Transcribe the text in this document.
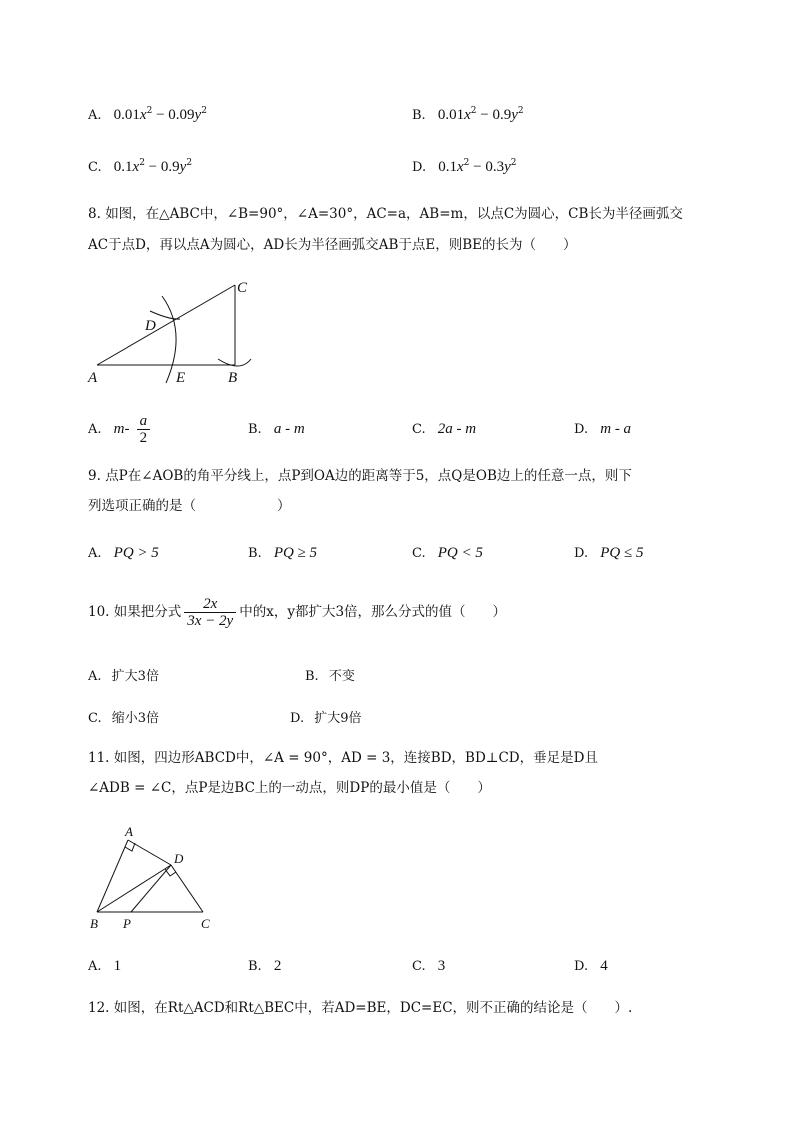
A. $0.01x^2 - 0.09y^2$	B. $0.01x^2 - 0.9y^2$
C. $0.1x^2 - 0.9y^2$	D. $0.1x^2 - 0.3y^2$
8. 如图，在△ABC中，∠B=90°，∠A=30°，AC=a，AB=m，以点C为圆心，CB长为半径画弧交
AC于点D，再以点A为圆心，AD长为半径画弧交AB于点E，则BE的长为（　　）
C
D
A	E	B
A. $m- \frac{a}{2}$	B. a - m	C. 2a - m	D. m - a
9. 点P在∠AOB的角平分线上，点P到OA边的距离等于5，点Q是OB边上的任意一点，则下
列选项正确的是（　　　　　　）
A. PQ > 5	B. PQ ≥ 5	C. PQ < 5	D. PQ ≤ 5
10. 如果把分式 $\frac{2x}{3x - 2y}$ 中的x，y都扩大3倍，那么分式的值（　　）
A. 扩大3倍	B. 不变
C. 缩小3倍	D. 扩大9倍
11. 如图，四边形ABCD中，∠A = 90°，AD = 3，连接BD，BD⊥CD，垂足是D且
∠ADB = ∠C，点P是边BC上的一动点，则DP的最小值是（　　）
A
D
B P	C
A. 1	B. 2	C. 3	D. 4
12. 如图，在Rt△ACD和Rt△BEC中，若AD=BE，DC=EC，则不正确的结论是（　　）.
